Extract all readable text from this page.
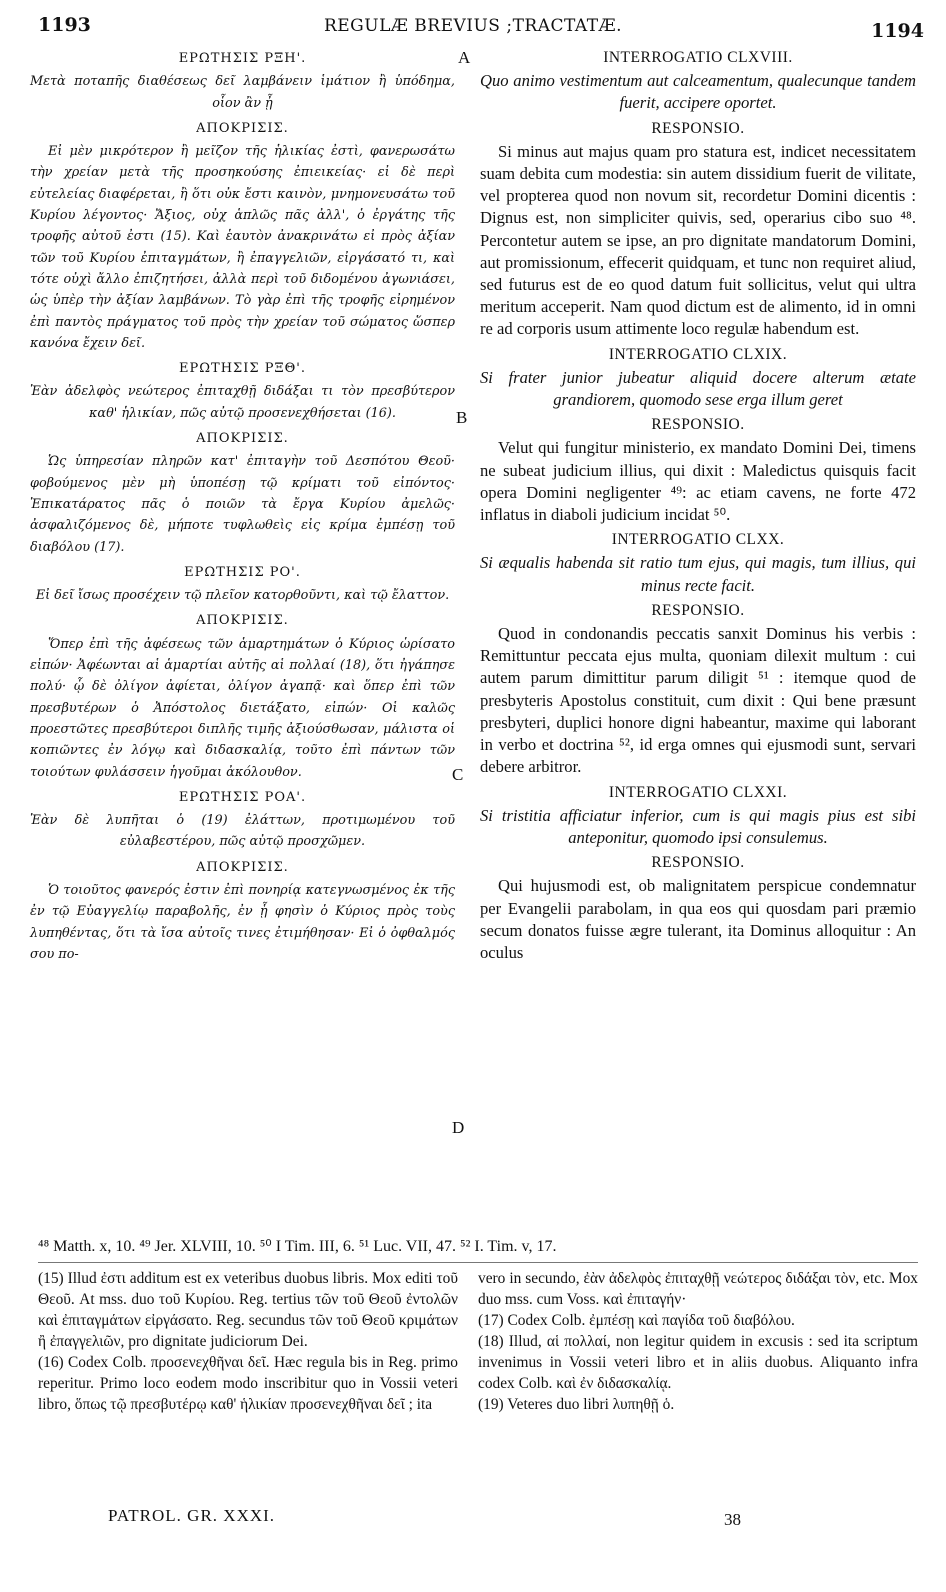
1193	REGULÆ BREVIUS ;TRACTATÆ.	1194
A
B
C
D
ΕΡΩΤΗΣΙΣ ΡΞΗ'.

Μετὰ ποταπῆς διαθέσεως δεῖ λαμβάνειν ἱμάτιον ἢ ὑπόδημα, οἷον ἂν ᾖ

ΑΠΟΚΡΙΣΙΣ.

Εἰ μὲν μικρότερον ἢ μεῖζον τῆς ἡλικίας ἐστὶ, φανερωσάτω τὴν χρείαν μετὰ τῆς προσηκούσης ἐπιεικείας· εἰ δὲ περὶ εὐτελείας διαφέρεται, ἢ ὅτι οὐκ ἔστι καινὸν, μνημονευσάτω τοῦ Κυρίου λέγοντος· Ἄξιος, οὐχ ἁπλῶς πᾶς ἀλλ', ὁ ἐργάτης τῆς τροφῆς αὐτοῦ ἐστι (15). Καὶ ἑαυτὸν ἀνακρινάτω εἰ πρὸς ἀξίαν τῶν τοῦ Κυρίου ἐπιταγμάτων, ἢ ἐπαγγελιῶν, εἰργάσατό τι, καὶ τότε οὐχὶ ἄλλο ἐπιζητήσει, ἀλλὰ περὶ τοῦ διδομένου ἀγωνιάσει, ὡς ὑπὲρ τὴν ἀξίαν λαμβάνων. Τὸ γὰρ ἐπὶ τῆς τροφῆς εἰρημένον ἐπὶ παντὸς πράγματος τοῦ πρὸς τὴν χρείαν τοῦ σώματος ὥσπερ κανόνα ἔχειν δεῖ.

ΕΡΩΤΗΣΙΣ ΡΞΘ'.

Ἐὰν ἀδελφὸς νεώτερος ἐπιταχθῇ διδάξαι τι τὸν πρεσβύτερον καθ' ἡλικίαν, πῶς αὐτῷ προσενεχθήσεται (16).

ΑΠΟΚΡΙΣΙΣ.

Ὡς ὑπηρεσίαν πληρῶν κατ' ἐπιταγὴν τοῦ Δεσπότου Θεοῦ· φοβούμενος μὲν μὴ ὑποπέσῃ τῷ κρίματι τοῦ εἰπόντος· Ἐπικατάρατος πᾶς ὁ ποιῶν τὰ ἔργα Κυρίου ἀμελῶς· ἀσφαλιζόμενος δὲ, μήποτε τυφλωθεὶς εἰς κρίμα ἐμπέσῃ τοῦ διαβόλου (17).

ΕΡΩΤΗΣΙΣ ΡΟ'.

Εἰ δεῖ ἴσως προσέχειν τῷ πλεῖον κατορθοῦντι, καὶ τῷ ἔλαττον.

ΑΠΟΚΡΙΣΙΣ.

Ὅπερ ἐπὶ τῆς ἀφέσεως τῶν ἁμαρτημάτων ὁ Κύριος ὡρίσατο εἰπών· Ἀφέωνται αἱ ἁμαρτίαι αὐτῆς αἱ πολλαί (18), ὅτι ἠγάπησε πολύ· ᾧ δὲ ὀλίγον ἀφίεται, ὀλίγον ἀγαπᾷ· καὶ ὅπερ ἐπὶ τῶν πρεσβυτέρων ὁ Ἀπόστολος διετάξατο, εἰπών· Οἱ καλῶς προεστῶτες πρεσβύτεροι διπλῆς τιμῆς ἀξιούσθωσαν, μάλιστα οἱ κοπιῶντες ἐν λόγῳ καὶ διδασκαλίᾳ, τοῦτο ἐπὶ πάντων τῶν τοιούτων φυλάσσειν ἡγοῦμαι ἀκόλουθον.

ΕΡΩΤΗΣΙΣ ΡΟΑ'.

Ἐὰν δὲ λυπῆται ὁ (19) ἐλάττων, προτιμωμένου τοῦ εὐλαβεστέρου, πῶς αὐτῷ προσχῶμεν.

ΑΠΟΚΡΙΣΙΣ.

Ὁ τοιοῦτος φανερός ἐστιν ἐπὶ πονηρίᾳ κατεγνωσμένος ἐκ τῆς ἐν τῷ Εὐαγγελίῳ παραβολῆς, ἐν ᾗ φησὶν ὁ Κύριος πρὸς τοὺς λυπηθέντας, ὅτι τὰ ἴσα αὐτοῖς τινες ἐτιμήθησαν· Εἰ ὁ ὀφθαλμός σου πο-

INTERROGATIO CLXVIII.

Quo animo vestimentum aut calceamentum, qualecunque tandem fuerit, accipere oportet.

RESPONSIO.

Si minus aut majus quam pro statura est, indicet necessitatem suam debita cum modestia: sin autem dissidium fuerit de vilitate, vel propterea quod non novum sit, recordetur Domini dicentis : Dignus est, non simpliciter quivis, sed, operarius cibo suo ⁴⁸. Percontetur autem se ipse, an pro dignitate mandatorum Domini, aut promissionum, effecerit quidquam, et tunc non requiret aliud, sed futurus est de eo quod datum fuit sollicitus, velut qui ultra meritum acceperit. Nam quod dictum est de alimento, id in omni re ad corporis usum attimente loco regulæ habendum est.

INTERROGATIO CLXIX.

Si frater junior jubeatur aliquid docere alterum ætate grandiorem, quomodo sese erga illum geret

RESPONSIO.

Velut qui fungitur ministerio, ex mandato Domini Dei, timens ne subeat judicium illius, qui dixit : Maledictus quisquis facit opera Domini negligenter ⁴⁹: ac etiam cavens, ne forte 472 inflatus in diaboli judicium incidat ⁵⁰.

INTERROGATIO CLXX.

Si æqualis habenda sit ratio tum ejus, qui magis, tum illius, qui minus recte facit.

RESPONSIO.

Quod in condonandis peccatis sanxit Dominus his verbis : Remittuntur peccata ejus multa, quoniam dilexit multum : cui autem parum dimittitur parum diligit ⁵¹ : itemque quod de presbyteris Apostolus constituit, cum dixit : Qui bene præsunt presbyteri, duplici honore digni habeantur, maxime qui laborant in verbo et doctrina ⁵², id erga omnes qui ejusmodi sunt, servari debere arbitror.

INTERROGATIO CLXXI.

Si tristitia afficiatur inferior, cum is qui magis pius est sibi anteponitur, quomodo ipsi consulemus.

RESPONSIO.

Qui hujusmodi est, ob malignitatem perspicue condemnatur per Evangelii parabolam, in qua eos qui quosdam pari præmio secum donatos fuisse ægre tulerant, ita Dominus alloquitur : An oculus

⁴⁸ Matth. x, 10. ⁴⁹ Jer. XLVIII, 10. ⁵⁰ I Tim. III, 6. ⁵¹ Luc. VII, 47. ⁵² I. Tim. v, 17.

(15) Illud ἐστι additum est ex veteribus duobus libris. Mox editi τοῦ Θεοῦ. At mss. duo τοῦ Κυρίου. Reg. tertius τῶν τοῦ Θεοῦ ἐντολῶν καὶ ἐπιταγμάτων εἰργάσατο. Reg. secundus τῶν τοῦ Θεοῦ κριμάτων ἢ ἐπαγγελιῶν, pro dignitate judiciorum Dei.

(16) Codex Colb. προσενεχθῆναι δεῖ. Hæc regula bis in Reg. primo reperitur. Primo loco eodem modo inscribitur quo in Vossii veteri libro, ὅπως τῷ πρεσβυτέρῳ καθ' ἡλικίαν προσενεχθῆναι δεῖ ; ita

vero in secundo, ἐὰν ἀδελφὸς ἐπιταχθῇ νεώτερος διδάξαι τὸν, etc. Mox duo mss. cum Voss. καὶ ἐπιταγήν·

(17) Codex Colb. ἐμπέσῃ καὶ παγίδα τοῦ διαβόλου.

(18) Illud, αἱ πολλαί, non legitur quidem in excusis : sed ita scriptum invenimus in Vossii veteri libro et in aliis duobus. Aliquanto infra codex Colb. καὶ ἐν διδασκαλίᾳ.

(19) Veteres duo libri λυπηθῇ ὁ.

PATROL. GR. XXXI.	38
